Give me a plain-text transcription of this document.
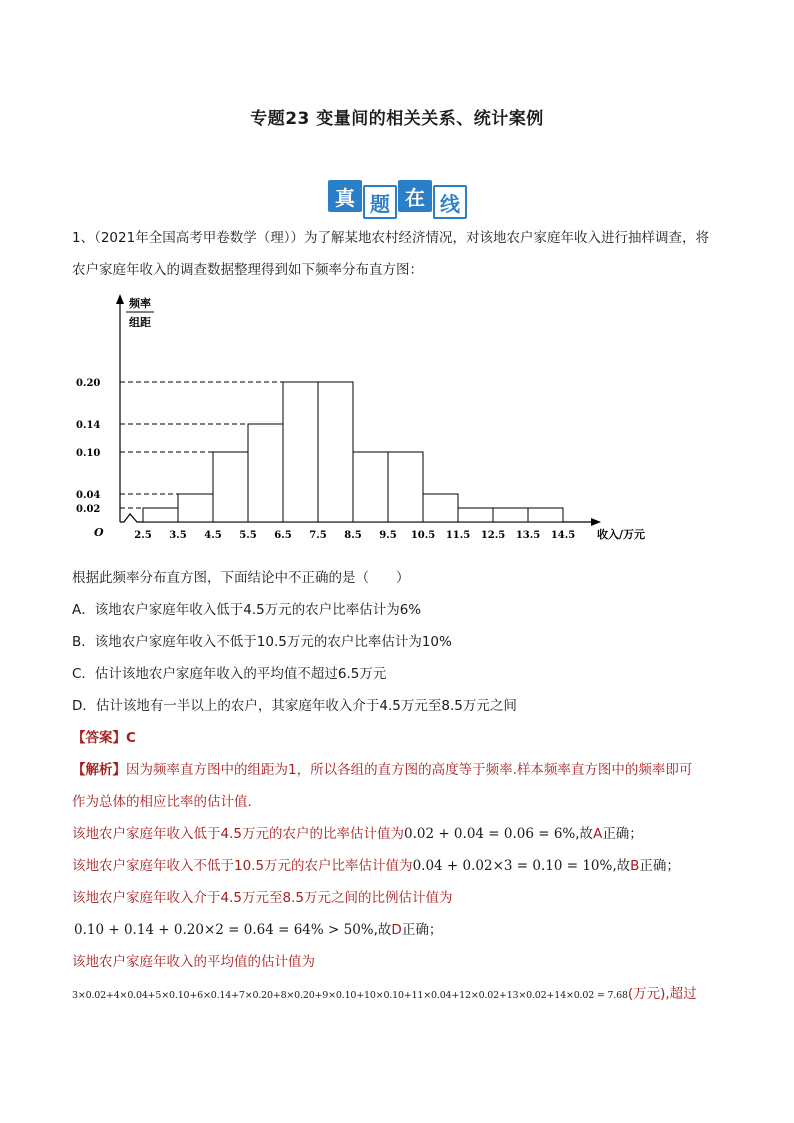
专题23 变量间的相关关系、统计案例
真 题 在 线
1、（2021年全国高考甲卷数学（理））为了解某地农村经济情况，对该地农户家庭年收入进行抽样调查，将
农户家庭年收入的调查数据整理得到如下频率分布直方图：
频率
组距
O
0.02
0.04
0.10
0.14
0.20
2.5 3.5 4.5 5.5 6.5 7.5 8.5 9.5 10.5 11.5 12.5 13.5 14.5 收入/万元
根据此频率分布直方图，下面结论中不正确的是（　　）
A．该地农户家庭年收入低于4.5万元的农户比率估计为6%
B．该地农户家庭年收入不低于10.5万元的农户比率估计为10%
C．估计该地农户家庭年收入的平均值不超过6.5万元
D．估计该地有一半以上的农户，其家庭年收入介于4.5万元至8.5万元之间
【答案】C
【解析】因为频率直方图中的组距为1，所以各组的直方图的高度等于频率.样本频率直方图中的频率即可
作为总体的相应比率的估计值.
该地农户家庭年收入低于4.5万元的农户的比率估计值为0.02 + 0.04 = 0.06 = 6%,故A正确；
该地农户家庭年收入不低于10.5万元的农户比率估计值为0.04 + 0.02×3 = 0.10 = 10%,故B正确；
该地农户家庭年收入介于4.5万元至8.5万元之间的比例估计值为
0.10 + 0.14 + 0.20×2 = 0.64 = 64% > 50%,故D正确；
该地农户家庭年收入的平均值的估计值为
3×0.02+4×0.04+5×0.10+6×0.14+7×0.20+8×0.20+9×0.10+10×0.10+11×0.04+12×0.02+13×0.02+14×0.02 = 7.68(万元),超过
